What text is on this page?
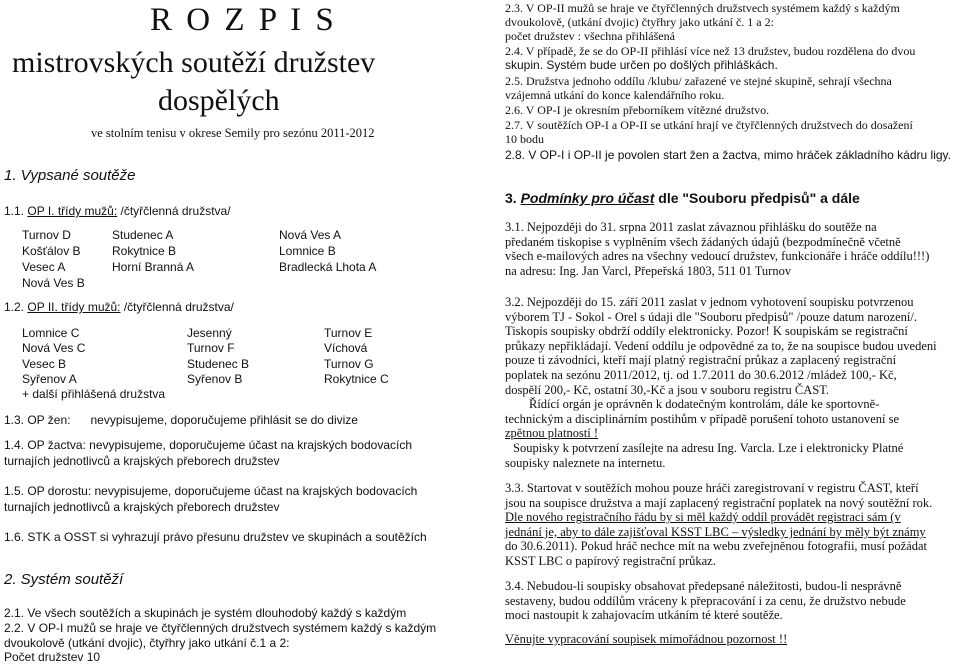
R O Z P I S
mistrovských soutěží družstev
dospělých
ve stolním tenisu v okrese Semily pro sezónu 2011-2012
1. Vypsané soutěže
1.1. OP I. třídy mužů: /čtyřčlenná družstva/
Turnov D	Studenec A	Nová Ves A
Košťálov B	Rokytnice B	Lomnice B
Vesec A	Horní Branná A	Bradlecká Lhota A
Nová Ves B
1.2. OP II. třídy mužů: /čtyřčlenná družstva/
Lomnice C	Jesenný	Turnov E
Nová Ves C	Turnov F	Víchová
Vesec B	Studenec B	Turnov G
Syřenov A	Syřenov B	Rokytnice C
+ další přihlášená družstva
1.3. OP žen:      nevypisujeme, doporučujeme přihlásit se do divize
1.4. OP žactva: nevypisujeme, doporučujeme účast na krajských bodovacích
turnajích jednotlivců a krajských přeborech družstev
1.5. OP dorostu: nevypisujeme, doporučujeme účast na krajských bodovacích
turnajích jednotlivců a krajských přeborech družstev
1.6. STK a OSST si vyhrazují právo přesunu družstev ve skupinách a soutěžích
2. Systém soutěží
2.1. Ve všech soutěžích a skupinách je systém dlouhodobý každý s každým
2.2. V OP-I mužů se hraje ve čtyřčlenných družstvech systémem každý s každým
dvoukolově (utkání dvojic), čtyřhry jako utkání č.1 a 2:
Počet družstev 10
2.3. V OP-II mužů se hraje ve čtyřčlenných družstvech systémem každý s každým
dvoukolově, (utkání dvojic) čtyřhry jako utkání č. 1 a 2:
počet družstev : všechna přihlášená
2.4. V případě, že se do OP-II přihlásí více než 13 družstev, budou rozdělena do dvou
skupin. Systém bude určen po došlých přihláškách.
2.5. Družstva jednoho oddílu /klubu/ zařazené ve stejné skupině, sehrají všechna
vzájemná utkání do konce kalendářního roku.
2.6. V OP-I je okresním přeborníkem vítězné družstvo.
2.7. V soutěžích OP-I a OP-II se utkání hrají ve čtyřčlenných družstvech do dosažení
10 bodu
2.8. V OP-I i OP-II je povolen start žen a žactva, mimo hráček základního kádru ligy.
3. Podmínky pro účast dle "Souboru předpisů" a dále
3.1. Nejpozději do 31. srpna 2011 zaslat závaznou přihlášku do soutěže na
předaném tiskopise s vyplněním všech žádaných údajů (bezpodmínečně včetně
všech e-mailových adres na všechny vedoucí družstev, funkcionáře i hráče oddílu!!!)
na adresu: Ing. Jan Varcl, Přepeřská 1803, 511 01 Turnov
3.2. Nejpozději do 15. září 2011 zaslat v jednom vyhotovení soupisku potvrzenou
výborem TJ - Sokol - Orel s údaji dle "Souboru předpisů" /pouze datum narození/.
Tiskopis soupisky obdrží oddíly elektronicky. Pozor! K soupiskám se registrační
průkazy nepřikládají. Vedení oddílu je odpovědné za to, že na soupisce budou uvedeni
pouze ti závodníci, kteří mají platný registrační průkaz a zaplacený registrační
poplatek na sezónu 2011/2012, tj. od 1.7.2011 do 30.6.2012 /mládež 100,- Kč,
dospělí 200,- Kč, ostatní 30,-Kč a jsou v souboru registru ČAST.
Řídící orgán je oprávněn k dodatečným kontrolám, dále ke sportovně-
technickým a disciplinárním postihům v případě porušení tohoto ustanovení se
zpětnou platností !
Soupisky k potvrzení zasílejte na adresu Ing. Varcla. Lze i elektronicky Platné
soupisky naleznete na internetu.
3.3. Startovat v soutěžích mohou pouze hráči zaregistrovaní v registru ČAST, kteří
jsou na soupisce družstva a mají zaplacený registrační poplatek na nový soutěžní rok.
Dle nového registračního řádu by si měl každý oddíl provádět registraci sám (v
jednání je, aby to dále zajišťoval KSST LBC – výsledky jednání by měly být známy
do 30.6.2011). Pokud hráč nechce mít na webu zveřejněnou fotografii, musí požádat
KSST LBC o papírový registrační průkaz.
3.4. Nebudou-li soupisky obsahovat předepsané náležitosti, budou-li nesprávně
sestaveny, budou oddílům vráceny k přepracování i za cenu, že družstvo nebude
moci nastoupit k zahajovacím utkáním té které soutěže.
Věnujte vypracování soupisek mimořádnou pozornost !!
